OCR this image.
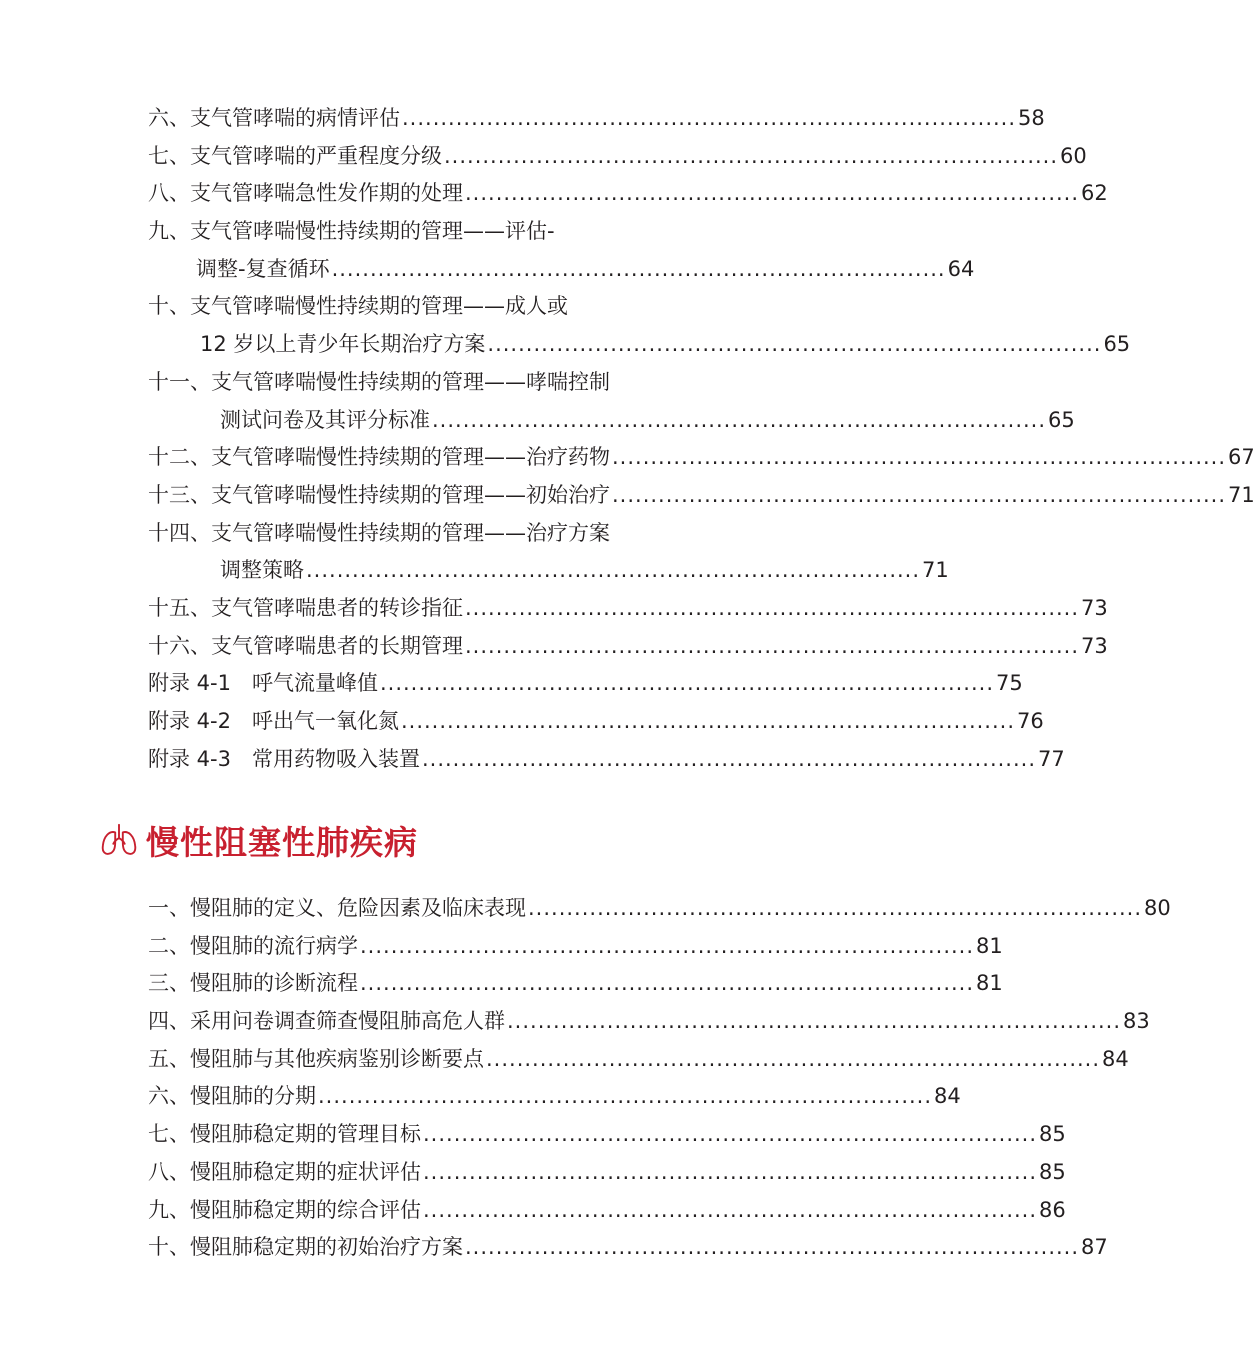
六、支气管哮喘的病情评估 ................................................................................ 58
七、支气管哮喘的严重程度分级 ................................................................................ 60
八、支气管哮喘急性发作期的处理 ................................................................................ 62
九、支气管哮喘慢性持续期的管理——评估-
调整-复查循环 ................................................................................ 64
十、支气管哮喘慢性持续期的管理——成人或
12 岁以上青少年长期治疗方案 ................................................................................ 65
十一、支气管哮喘慢性持续期的管理——哮喘控制
测试问卷及其评分标准 ................................................................................ 65
十二、支气管哮喘慢性持续期的管理——治疗药物 ................................................................................ 67
十三、支气管哮喘慢性持续期的管理——初始治疗 ................................................................................ 71
十四、支气管哮喘慢性持续期的管理——治疗方案
调整策略 ................................................................................ 71
十五、支气管哮喘患者的转诊指征 ................................................................................ 73
十六、支气管哮喘患者的长期管理 ................................................................................ 73
附录 4-1　呼气流量峰值 ................................................................................ 75
附录 4-2　呼出气一氧化氮 ................................................................................ 76
附录 4-3　常用药物吸入装置 ................................................................................ 77
慢性阻塞性肺疾病
一、慢阻肺的定义、危险因素及临床表现 ................................................................................ 80
二、慢阻肺的流行病学 ................................................................................ 81
三、慢阻肺的诊断流程 ................................................................................ 81
四、采用问卷调查筛查慢阻肺高危人群 ................................................................................ 83
五、慢阻肺与其他疾病鉴别诊断要点 ................................................................................ 84
六、慢阻肺的分期 ................................................................................ 84
七、慢阻肺稳定期的管理目标 ................................................................................ 85
八、慢阻肺稳定期的症状评估 ................................................................................ 85
九、慢阻肺稳定期的综合评估 ................................................................................ 86
十、慢阻肺稳定期的初始治疗方案 ................................................................................ 87
